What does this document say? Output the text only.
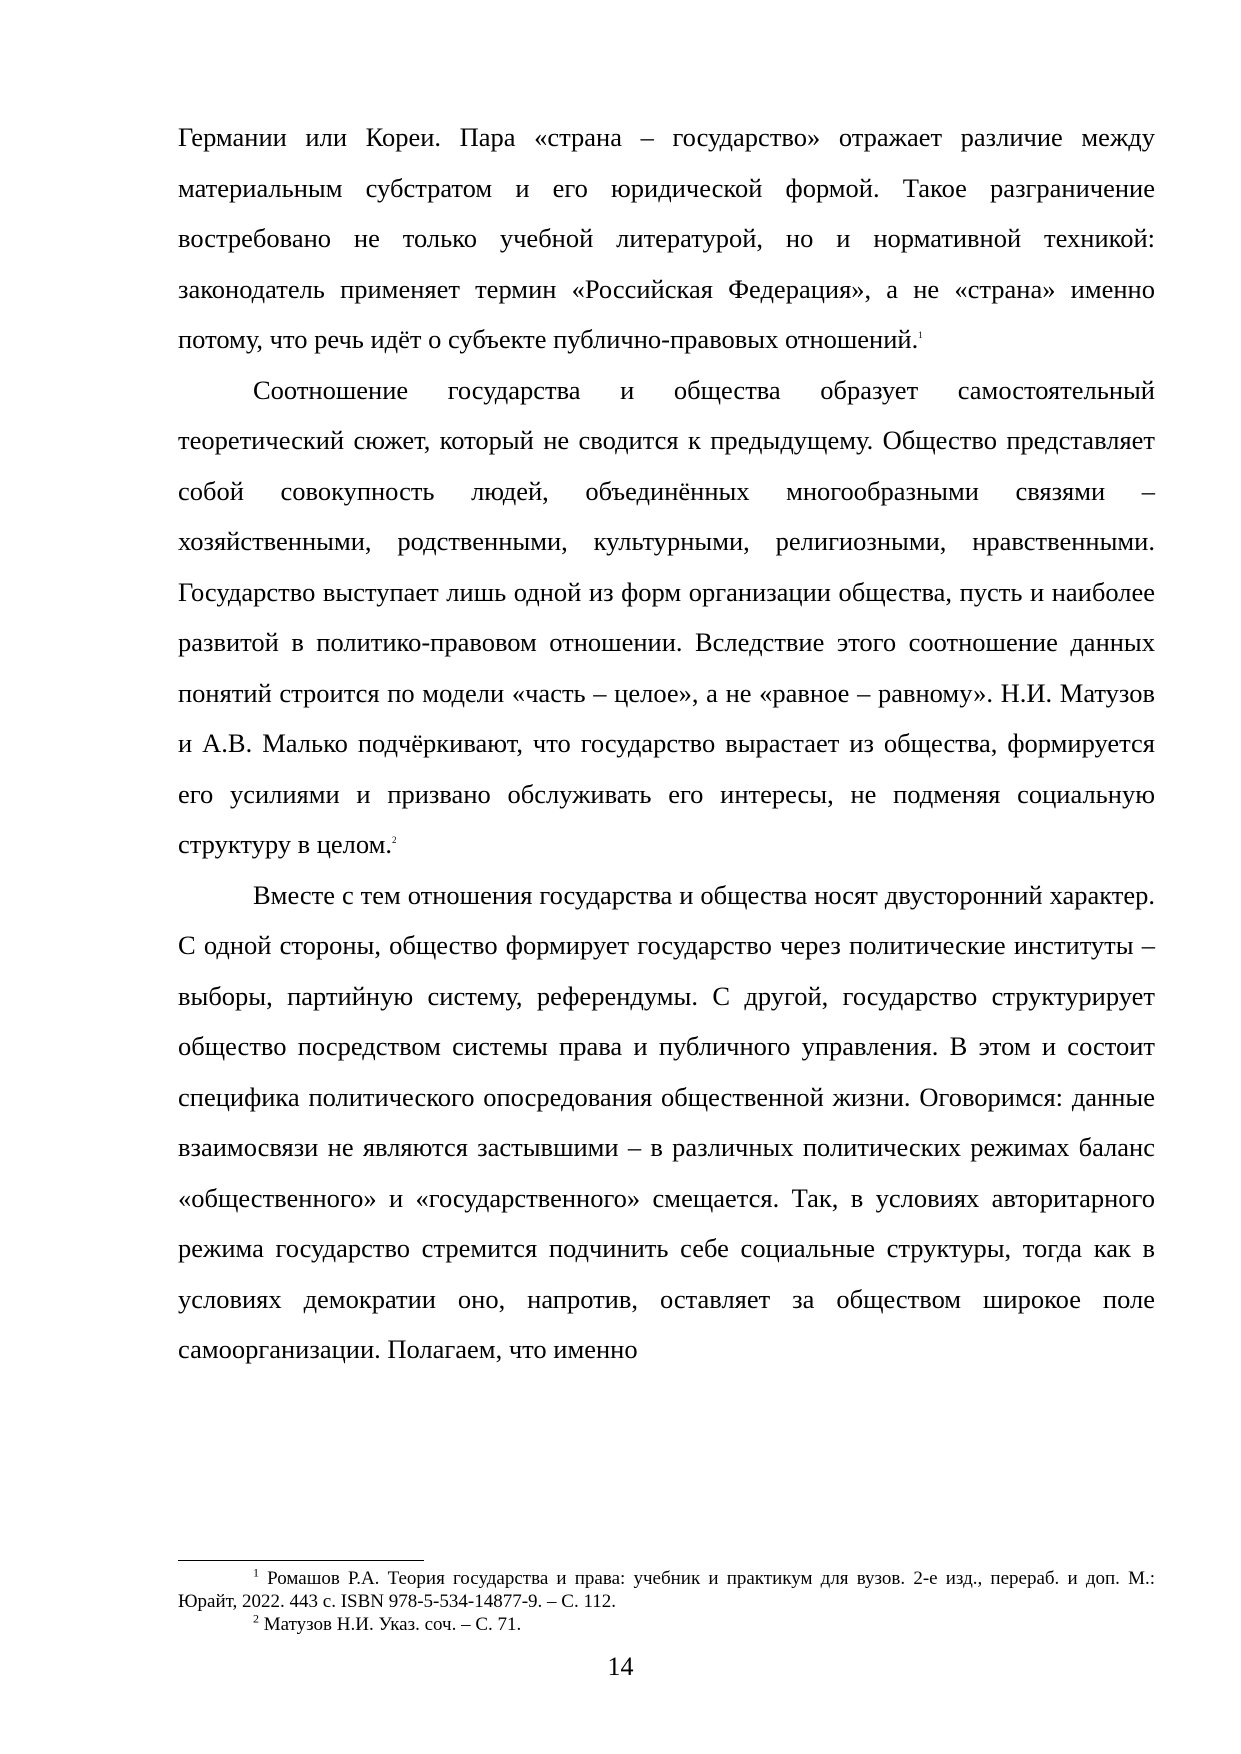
Германии или Кореи. Пара «страна – государство» отражает различие между материальным субстратом и его юридической формой. Такое разграничение востребовано не только учебной литературой, но и нормативной техникой: законодатель применяет термин «Российская Федерация», а не «страна» именно потому, что речь идёт о субъекте публично-правовых отношений.$^1$

Соотношение государства и общества образует самостоятельный теоретический сюжет, который не сводится к предыдущему. Общество представляет собой совокупность людей, объединённых многообразными связями – хозяйственными, родственными, культурными, религиозными, нравственными. Государство выступает лишь одной из форм организации общества, пусть и наиболее развитой в политико-правовом отношении. Вследствие этого соотношение данных понятий строится по модели «часть – целое», а не «равное – равному». Н.И. Матузов и А.В. Малько подчёркивают, что государство вырастает из общества, формируется его усилиями и призвано обслуживать его интересы, не подменяя социальную структуру в целом.$^2$

Вместе с тем отношения государства и общества носят двусторонний характер. С одной стороны, общество формирует государство через политические институты – выборы, партийную систему, референдумы. С другой, государство структурирует общество посредством системы права и публичного управления. В этом и состоит специфика политического опосредования общественной жизни. Оговоримся: данные взаимосвязи не являются застывшими – в различных политических режимах баланс «общественного» и «государственного» смещается. Так, в условиях авторитарного режима государство стремится подчинить себе социальные структуры, тогда как в условиях демократии оно, напротив, оставляет за обществом широкое поле самоорганизации. Полагаем, что именно

$^1$ Ромашов Р.А. Теория государства и права: учебник и практикум для вузов. 2-е изд., перераб. и доп. М.: Юрайт, 2022. 443 с. ISBN 978-5-534-14877-9. – С. 112.

$^2$ Матузов Н.И. Указ. соч. – С. 71.

14
